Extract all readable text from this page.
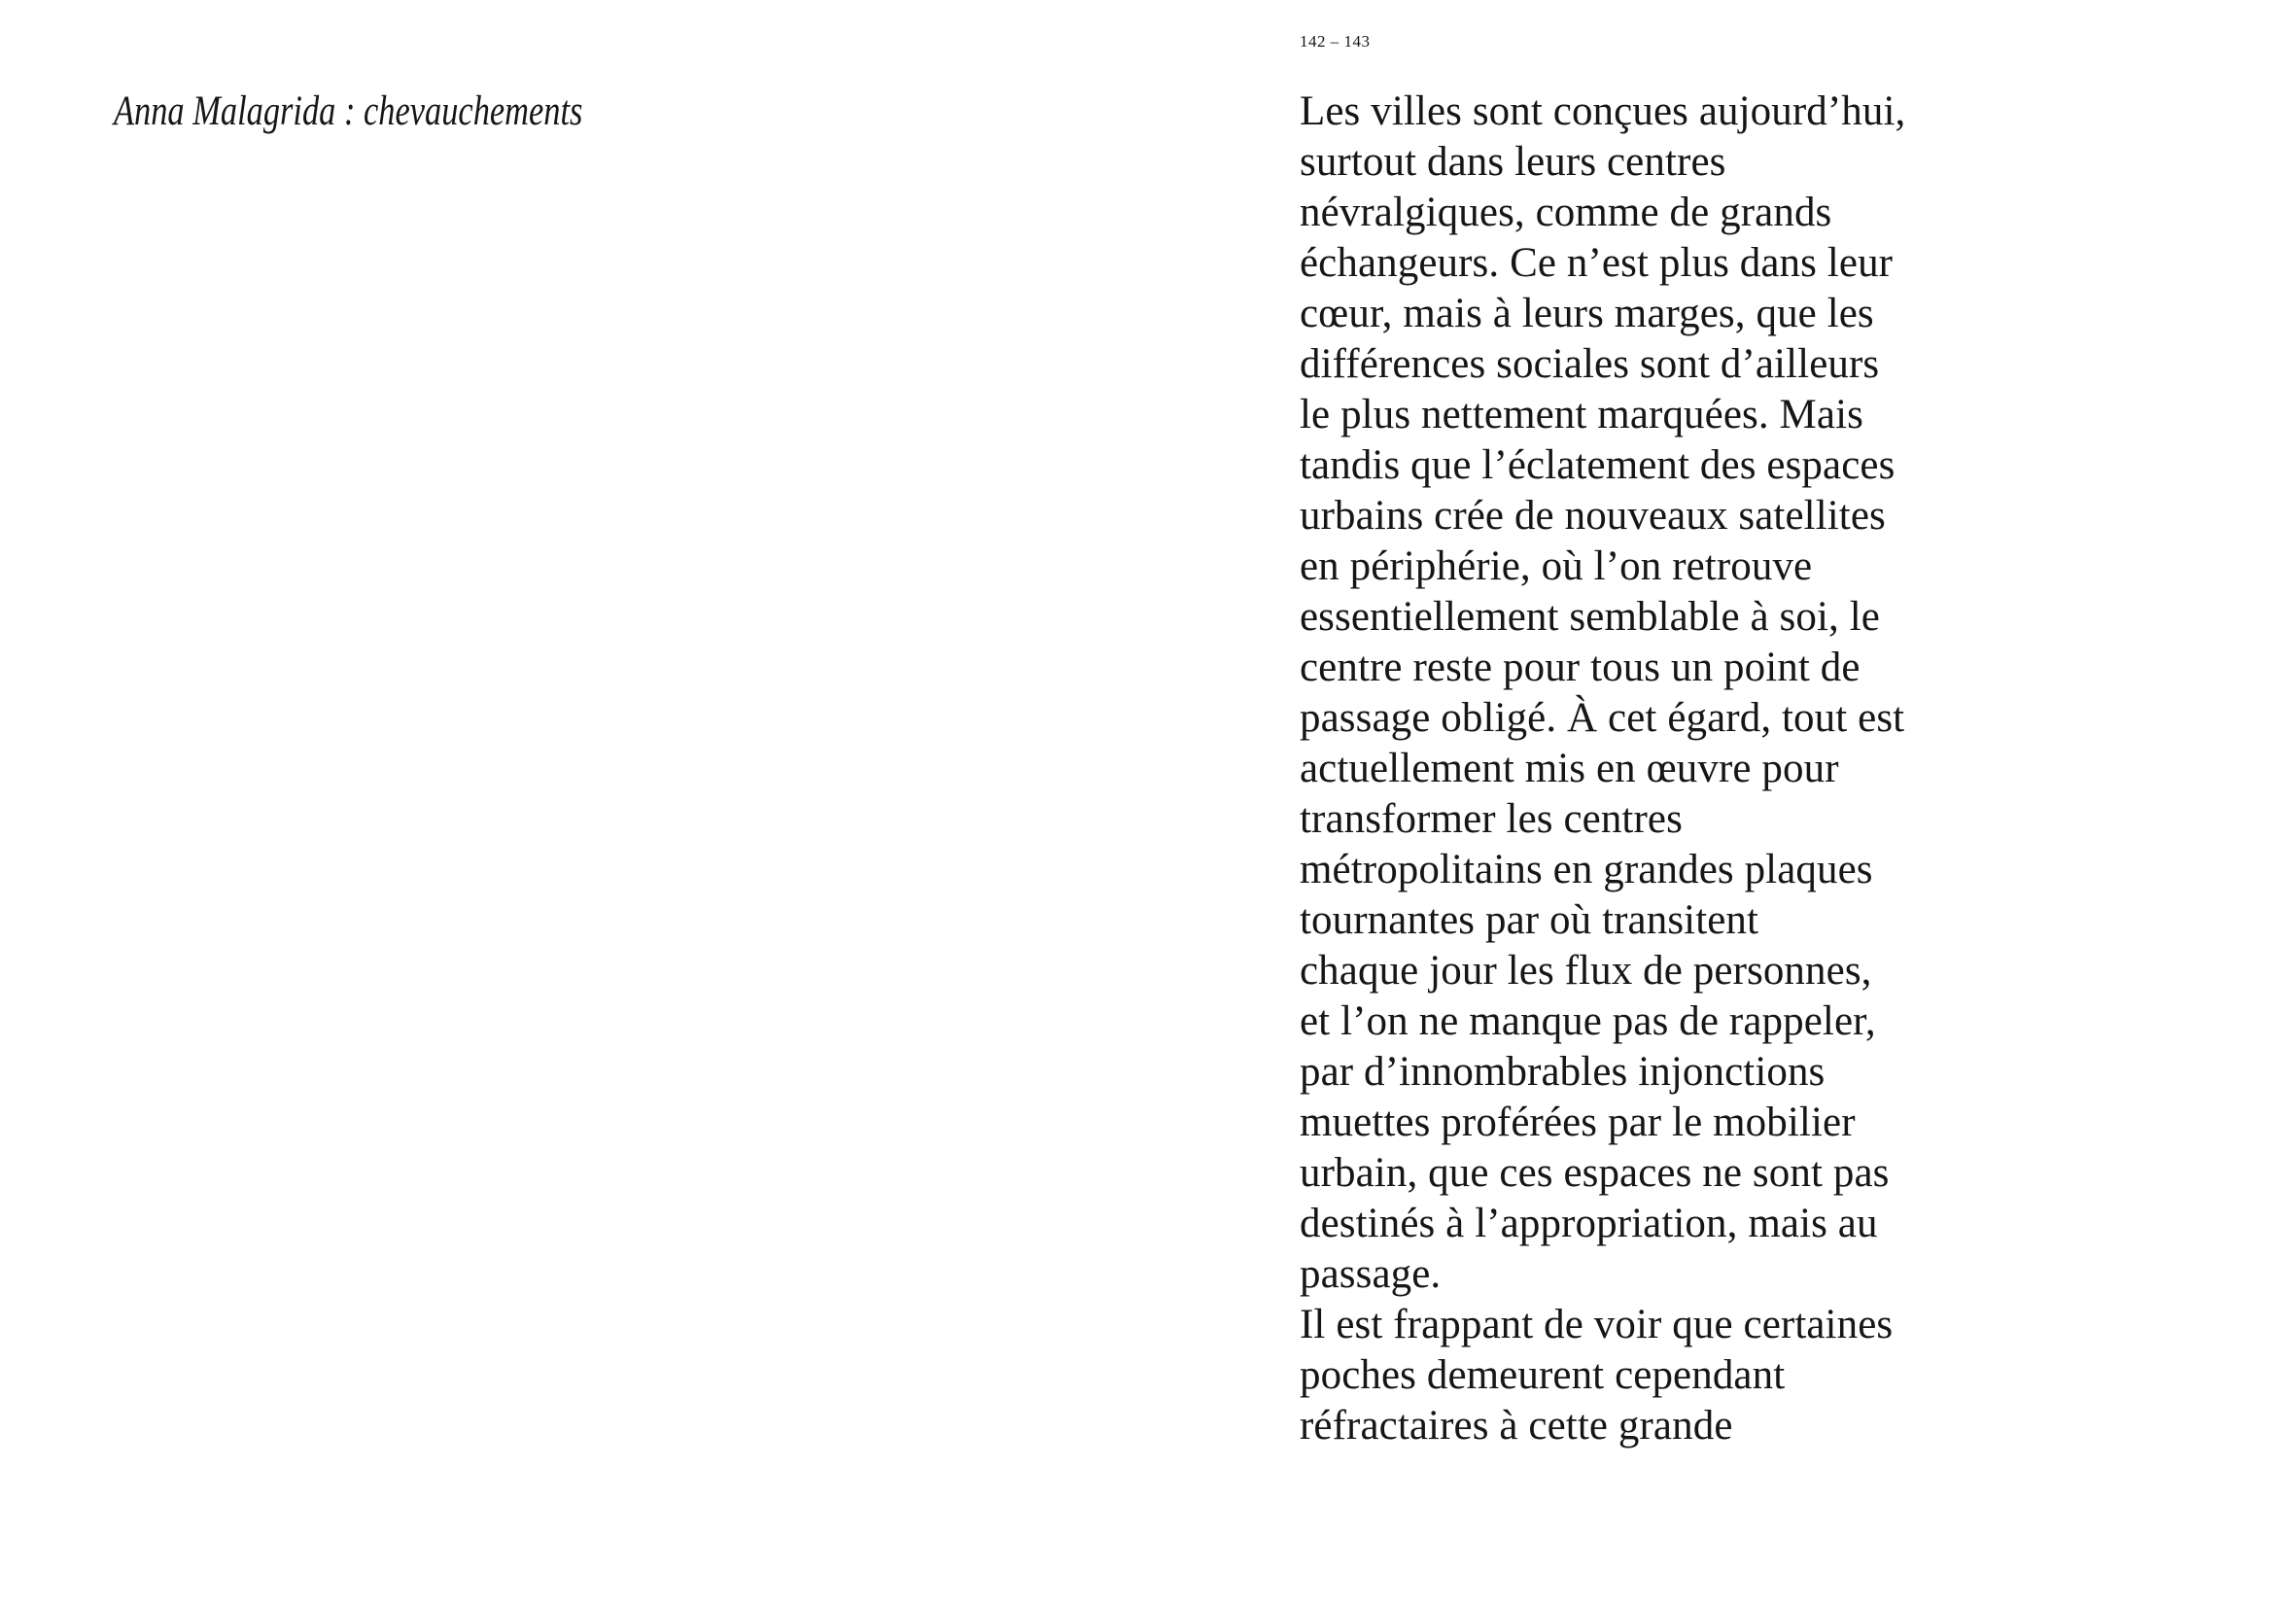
Anna Malagrida : chevauchements
142 – 143
Les villes sont conçues aujourd’hui,
surtout dans leurs centres
névralgiques, comme de grands
échangeurs. Ce n’est plus dans leur
cœur, mais à leurs marges, que les
différences sociales sont d’ailleurs
le plus nettement marquées. Mais
tandis que l’éclatement des espaces
urbains crée de nouveaux satellites
en périphérie, où l’on retrouve
essentiellement semblable à soi, le
centre reste pour tous un point de
passage obligé. À cet égard, tout est
actuellement mis en œuvre pour
transformer les centres
métropolitains en grandes plaques
tournantes par où transitent
chaque jour les flux de personnes,
et l’on ne manque pas de rappeler,
par d’innombrables injonctions
muettes proférées par le mobilier
urbain, que ces espaces ne sont pas
destinés à l’appropriation, mais au
passage.
Il est frappant de voir que certaines
poches demeurent cependant
réfractaires à cette grande
